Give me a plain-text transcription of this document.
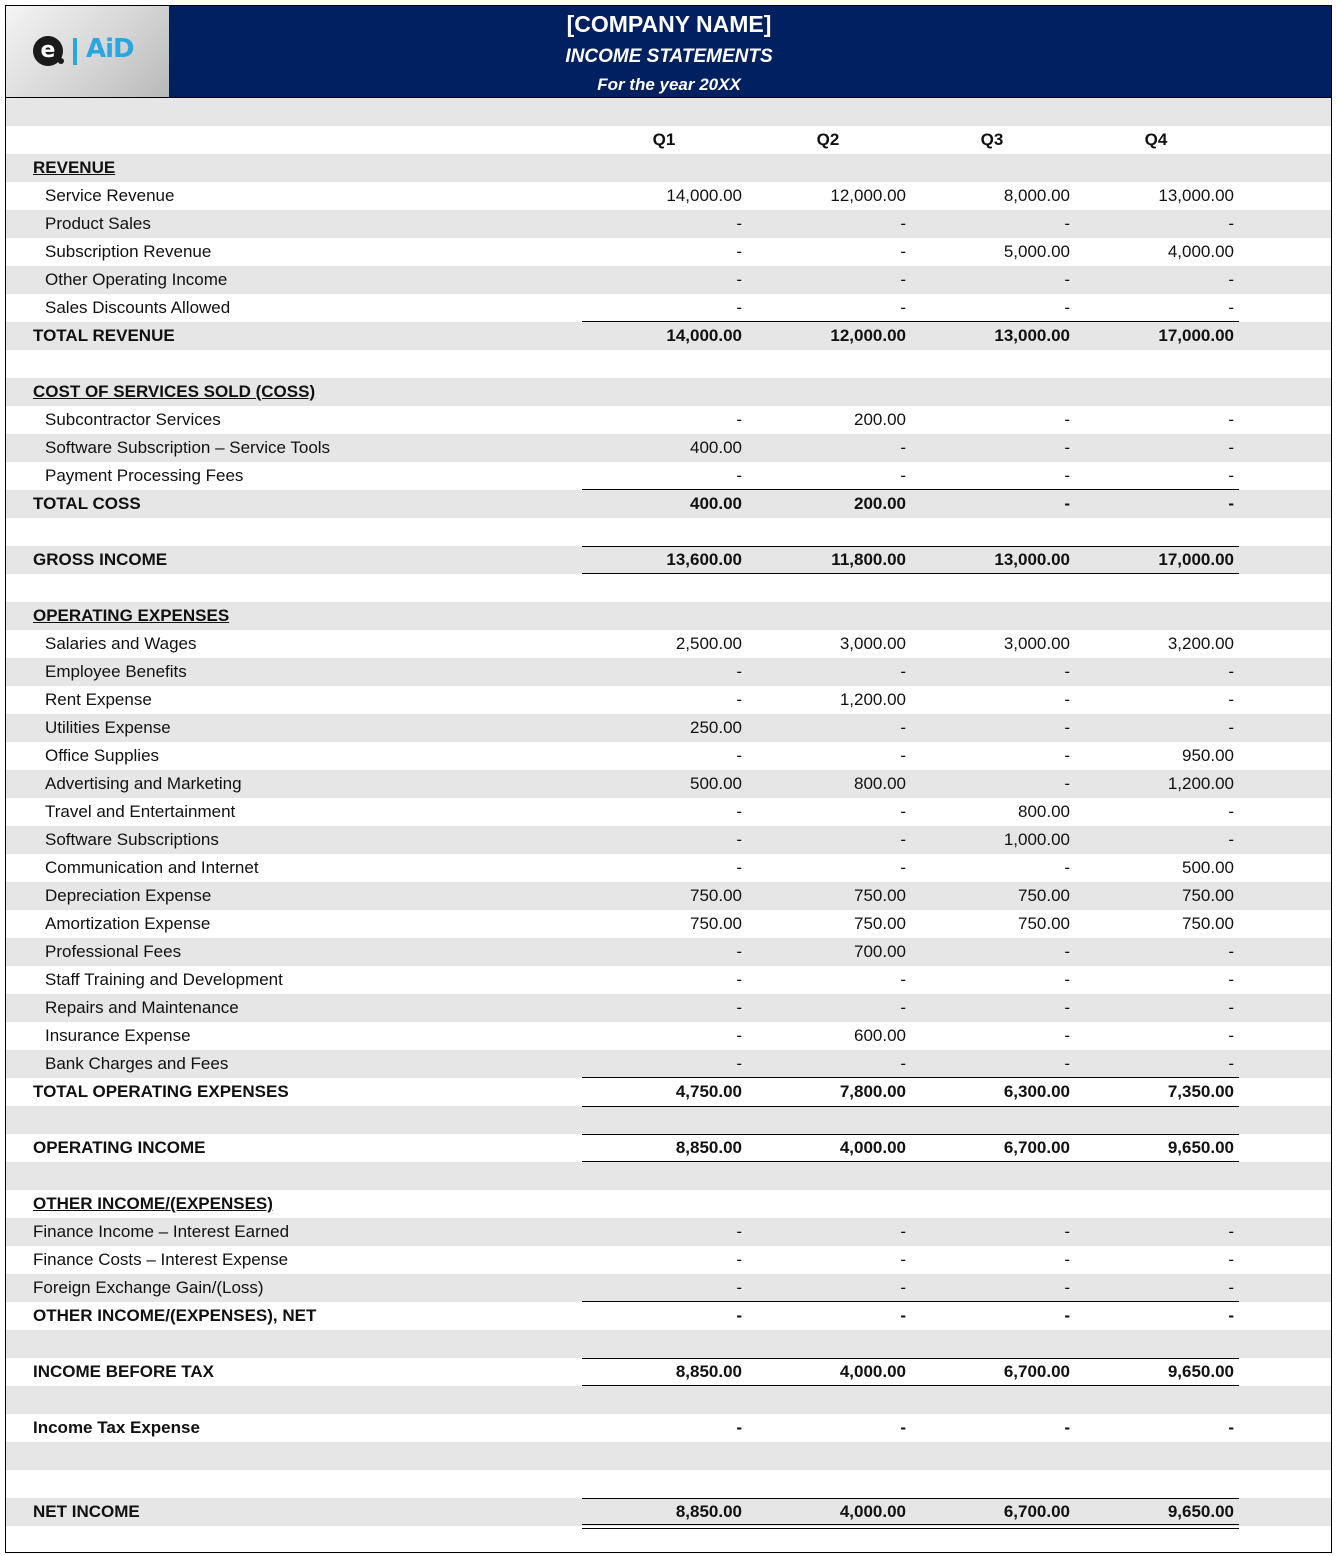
e AiD
[COMPANY NAME]
INCOME STATEMENTS
For the year 20XX
Q1	Q2	Q3	Q4
REVENUE
Service Revenue	14,000.00	12,000.00	8,000.00	13,000.00
Product Sales	-	-	-	-
Subscription Revenue	-	-	5,000.00	4,000.00
Other Operating Income	-	-	-	-
Sales Discounts Allowed	-	-	-	-
TOTAL REVENUE	14,000.00	12,000.00	13,000.00	17,000.00
COST OF SERVICES SOLD (COSS)
Subcontractor Services	-	200.00	-	-
Software Subscription – Service Tools	400.00	-	-	-
Payment Processing Fees	-	-	-	-
TOTAL COSS	400.00	200.00	-	-
GROSS INCOME	13,600.00	11,800.00	13,000.00	17,000.00
OPERATING EXPENSES
Salaries and Wages	2,500.00	3,000.00	3,000.00	3,200.00
Employee Benefits	-	-	-	-
Rent Expense	-	1,200.00	-	-
Utilities Expense	250.00	-	-	-
Office Supplies	-	-	-	950.00
Advertising and Marketing	500.00	800.00	-	1,200.00
Travel and Entertainment	-	-	800.00	-
Software Subscriptions	-	-	1,000.00	-
Communication and Internet	-	-	-	500.00
Depreciation Expense	750.00	750.00	750.00	750.00
Amortization Expense	750.00	750.00	750.00	750.00
Professional Fees	-	700.00	-	-
Staff Training and Development	-	-	-	-
Repairs and Maintenance	-	-	-	-
Insurance Expense	-	600.00	-	-
Bank Charges and Fees	-	-	-	-
TOTAL OPERATING EXPENSES	4,750.00	7,800.00	6,300.00	7,350.00
OPERATING INCOME	8,850.00	4,000.00	6,700.00	9,650.00
OTHER INCOME/(EXPENSES)
Finance Income – Interest Earned	-	-	-	-
Finance Costs – Interest Expense	-	-	-	-
Foreign Exchange Gain/(Loss)	-	-	-	-
OTHER INCOME/(EXPENSES), NET	-	-	-	-
INCOME BEFORE TAX	8,850.00	4,000.00	6,700.00	9,650.00
Income Tax Expense	-	-	-	-
NET INCOME	8,850.00	4,000.00	6,700.00	9,650.00
